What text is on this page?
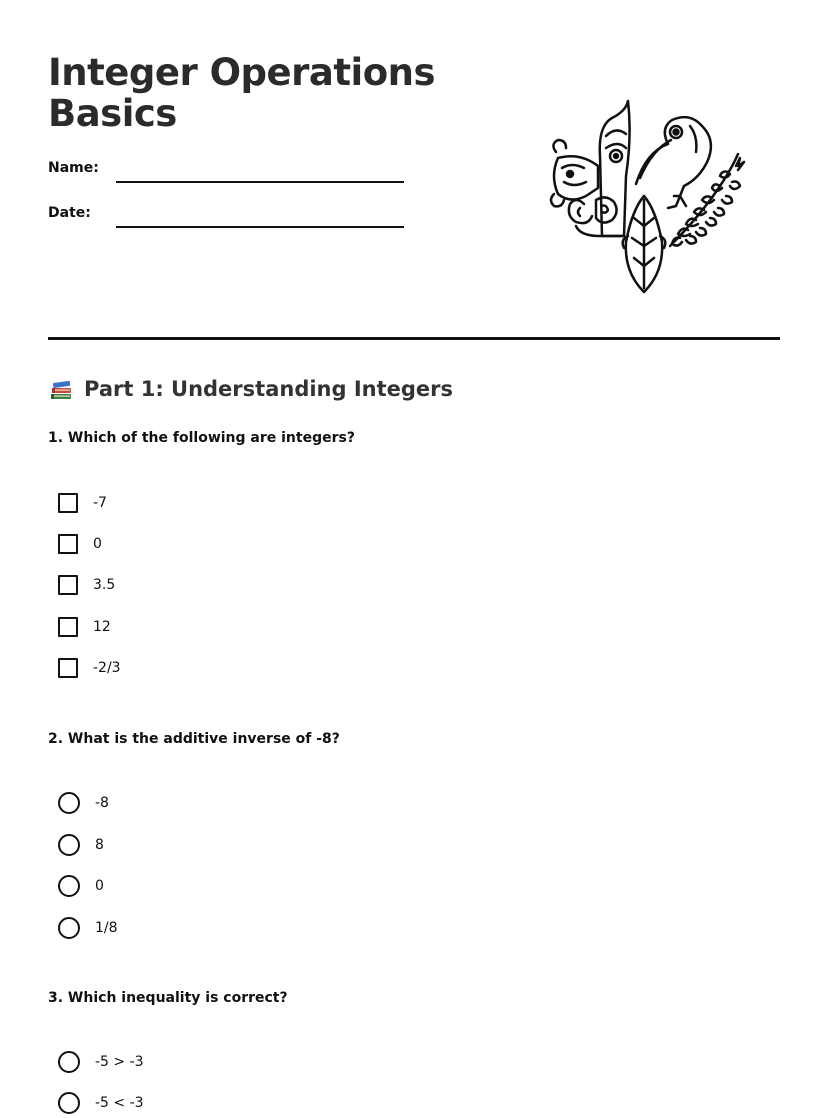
Integer Operations
Basics
Name:
Date:
Part 1: Understanding Integers
1. Which of the following are integers?
-7
0
3.5
12
-2/3
2. What is the additive inverse of -8?
-8
8
0
1/8
3. Which inequality is correct?
-5 > -3
-5 < -3
